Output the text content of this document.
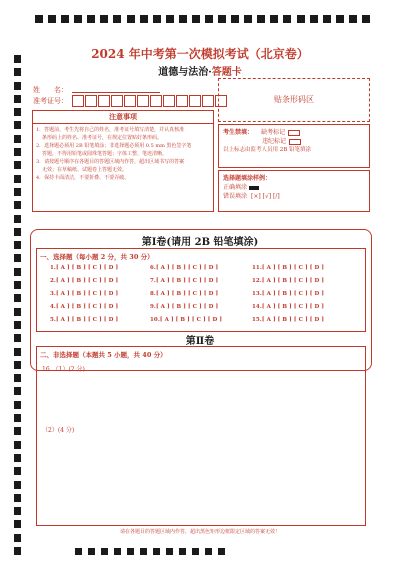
2024 年中考第一次模拟考试（北京卷）
道德与法治·答题卡
姓　　名：
准考证号：	贴条形码区
注意事项
1．答题前，考生先将自己的姓名，准考证号填写清楚，并认真核准
条形码上的姓名、准考证号，在规定位置贴好条形码。
2．选择题必须用 2B 铅笔填涂；非选择题必须用 0.5 mm 黑色签字笔
答题，不得用铅笔或圆珠笔答题；字体工整、笔迹清晰。
3．请按题号顺序在各题目的答题区域内作答，超出区域书写的答案
无效；在草稿纸、试题卷上答题无效。
4．保持卡面清洁，不要折叠、不要弄破。
考生禁填： 缺考标记
违纪标记
以上标志由监考人员用 2B 铅笔填涂
选择题填涂样例：
正确填涂
错误填涂 [×] [√] [/]
第Ⅰ卷(请用 2B 铅笔填涂)
一、选择题（每小题 2 分，共 30 分）
1.[ A ] [ B ] [ C ] [ D ]
2.[ A ] [ B ] [ C ] [ D ]
3.[ A ] [ B ] [ C ] [ D ]
4.[ A ] [ B ] [ C ] [ D ]
5.[ A ] [ B ] [ C ] [ D ]
6.[ A ] [ B ] [ C ] [ D ]
7.[ A ] [ B ] [ C ] [ D ]
8.[ A ] [ B ] [ C ] [ D ]
9.[ A ] [ B ] [ C ] [ D ]
10.[ A ] [ B ] [ C ] [ D ]
11.[ A ] [ B ] [ C ] [ D ]
12.[ A ] [ B ] [ C ] [ D ]
13.[ A ] [ B ] [ C ] [ D ]
14.[ A ] [ B ] [ C ] [ D ]
15.[ A ] [ B ] [ C ] [ D ]
第Ⅱ卷
二、非选择题（本题共 5 小题，共 40 分）
16．（1）(2 分)
（2）(4 分)
请在各题目的答题区域内作答，超出黑色矩形边框限定区域的答案无效！
